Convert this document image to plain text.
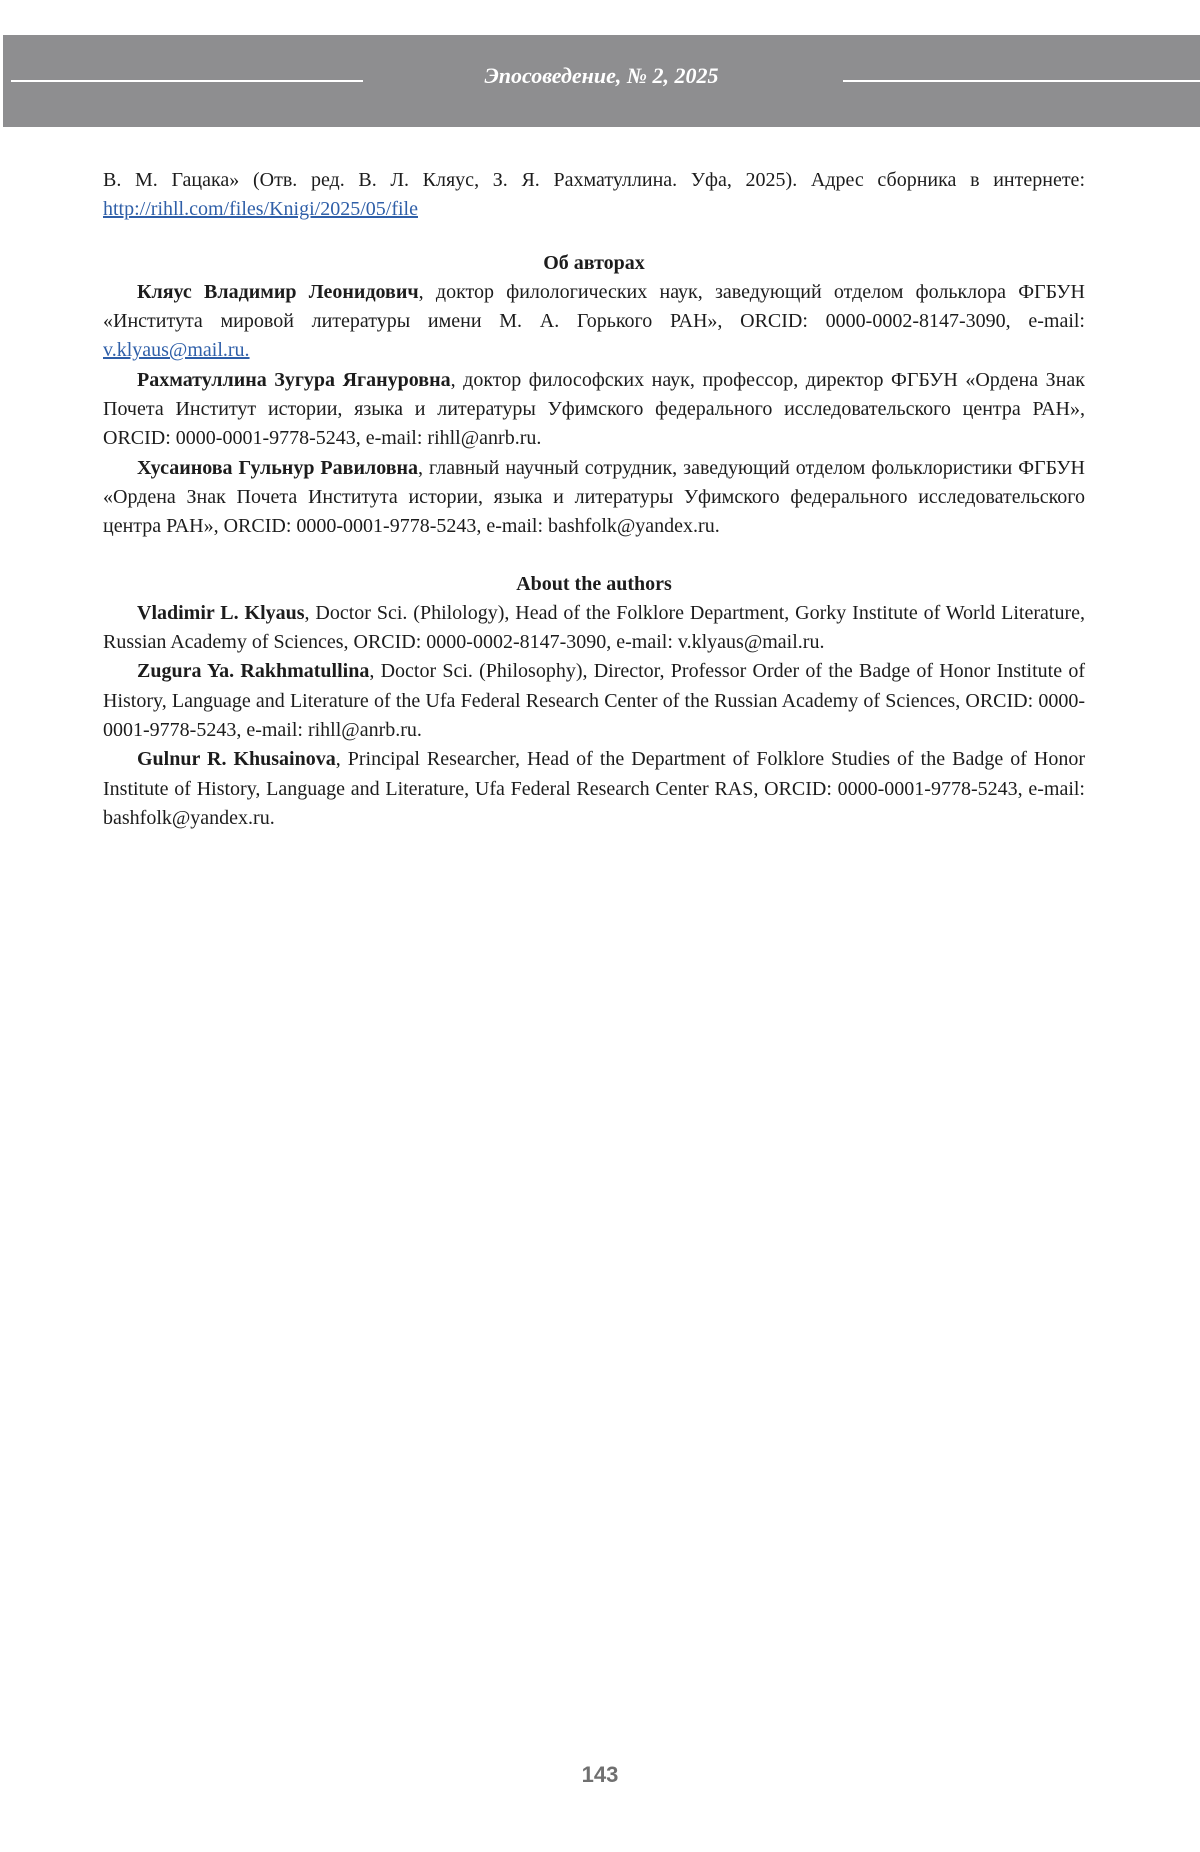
Эпосоведение, № 2, 2025

В. М. Гацака» (Отв. ред. В. Л. Кляус, З. Я. Рахматуллина. Уфа, 2025). Адрес сборника в интернете: http://rihll.com/files/Knigi/2025/05/file

Об авторах

Кляус Владимир Леонидович, доктор филологических наук, заведующий отделом фольклора ФГБУН «Института мировой литературы имени М. А. Горького РАН», ORCID: 0000-0002-8147-3090, e-mail: v.klyaus@mail.ru.

Рахматуллина Зугура Ягануровна, доктор философских наук, профессор, директор ФГБУН «Ордена Знак Почета Институт истории, языка и литературы Уфимского федерального исследовательского центра РАН», ORCID: 0000-0001-9778-5243, e-mail: rihll@anrb.ru.

Хусаинова Гульнур Равиловна, главный научный сотрудник, заведующий отделом фольклористики ФГБУН «Ордена Знак Почета Института истории, языка и литературы Уфимского федерального исследовательского центра РАН», ORCID: 0000-0001-9778-5243, e-mail: bashfolk@yandex.ru.

About the authors

Vladimir L. Klyaus, Doctor Sci. (Philology), Head of the Folklore Department, Gorky Institute of World Literature, Russian Academy of Sciences, ORCID: 0000-0002-8147-3090, e-mail: v.klyaus@mail.ru.

Zugura Ya. Rakhmatullina, Doctor Sci. (Philosophy), Director, Professor Order of the Badge of Honor Institute of History, Language and Literature of the Ufa Federal Research Center of the Russian Academy of Sciences, ORCID: 0000-0001-9778-5243, e-mail: rihll@anrb.ru.

Gulnur R. Khusainova, Principal Researcher, Head of the Department of Folklore Studies of the Badge of Honor Institute of History, Language and Literature, Ufa Federal Research Center RAS, ORCID: 0000-0001-9778-5243, e-mail: bashfolk@yandex.ru.

143
